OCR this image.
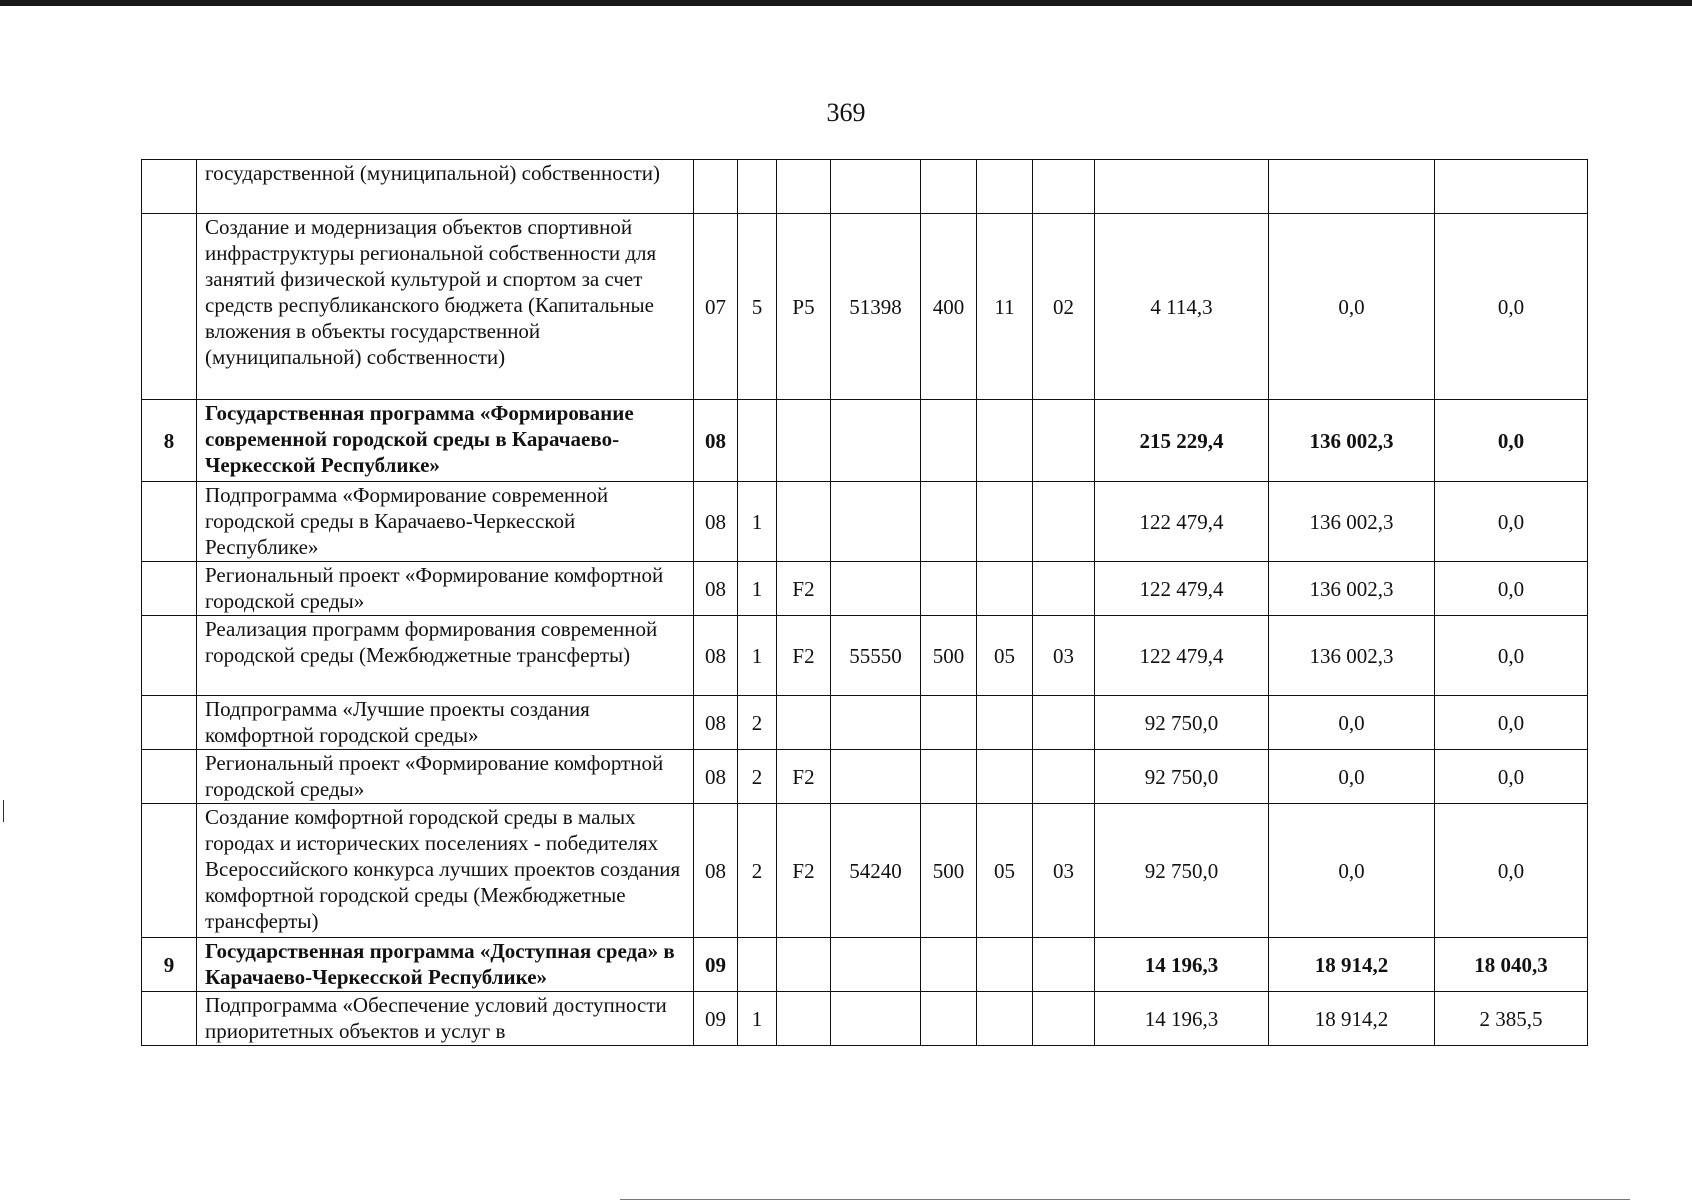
369
	государственной (муниципальной) собственности)										
	Создание и модернизация объектов спортивной инфраструктуры региональной собственности для занятий физической культурой и спортом за счет средств республиканского бюджета (Капитальные вложения в объекты государственной (муниципальной) собственности)	07	5	P5	51398	400	11	02	4 114,3	0,0	0,0
8	Государственная программа «Формирование современной городской среды в Карачаево-Черкесской Республике»	08							215 229,4	136 002,3	0,0
	Подпрограмма «Формирование современной городской среды в Карачаево-Черкесской Республике»	08	1						122 479,4	136 002,3	0,0
	Региональный проект «Формирование комфортной городской среды»	08	1	F2					122 479,4	136 002,3	0,0
	Реализация программ формирования современной городской среды (Межбюджетные трансферты)	08	1	F2	55550	500	05	03	122 479,4	136 002,3	0,0
	Подпрограмма «Лучшие проекты создания комфортной городской среды»	08	2						92 750,0	0,0	0,0
	Региональный проект «Формирование комфортной городской среды»	08	2	F2					92 750,0	0,0	0,0
	Создание комфортной городской среды в малых городах и исторических поселениях - победителях Всероссийского конкурса лучших проектов создания комфортной городской среды (Межбюджетные трансферты)	08	2	F2	54240	500	05	03	92 750,0	0,0	0,0
9	Государственная программа «Доступная среда» в Карачаево-Черкесской Республике»	09							14 196,3	18 914,2	18 040,3
	Подпрограмма «Обеспечение условий доступности приоритетных объектов и услуг в	09	1						14 196,3	18 914,2	2 385,5
